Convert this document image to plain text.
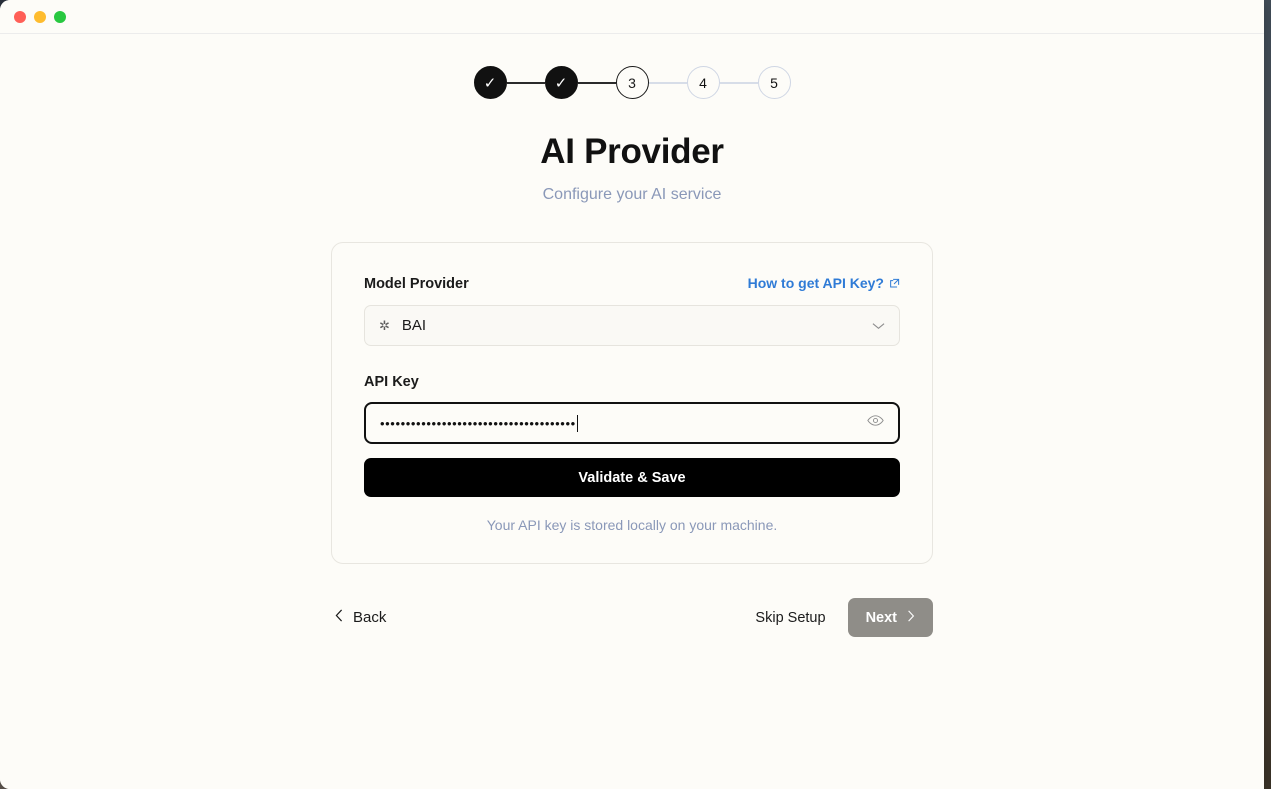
✓	✓	3	4	5
AI Provider

Configure your AI service

Model Provider	How to get API Key?
✲ BAI
API Key
••••••••••••••••••••••••••••••••••••••
Validate & Save

Your API key is stored locally on your machine.

Back	Skip Setup	Next
